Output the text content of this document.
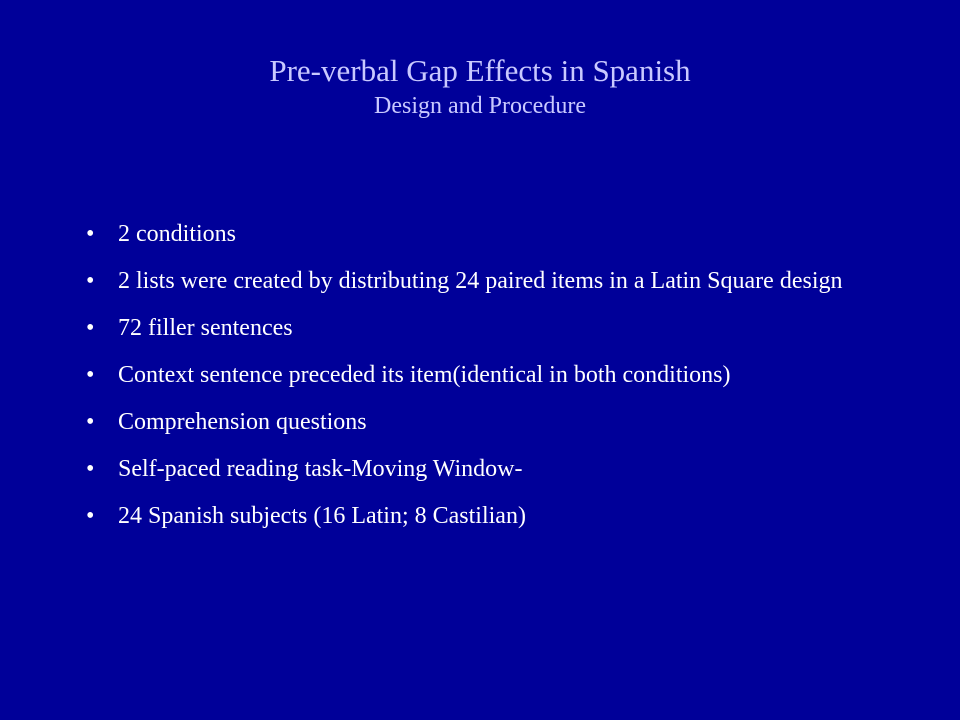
Pre-verbal Gap Effects in Spanish
Design and Procedure
• 2 conditions
• 2 lists were created by distributing 24 paired items in a Latin Square design
• 72 filler sentences
• Context sentence preceded its item(identical in both conditions)
• Comprehension questions
• Self-paced reading task-Moving Window-
• 24 Spanish subjects (16 Latin; 8 Castilian)
